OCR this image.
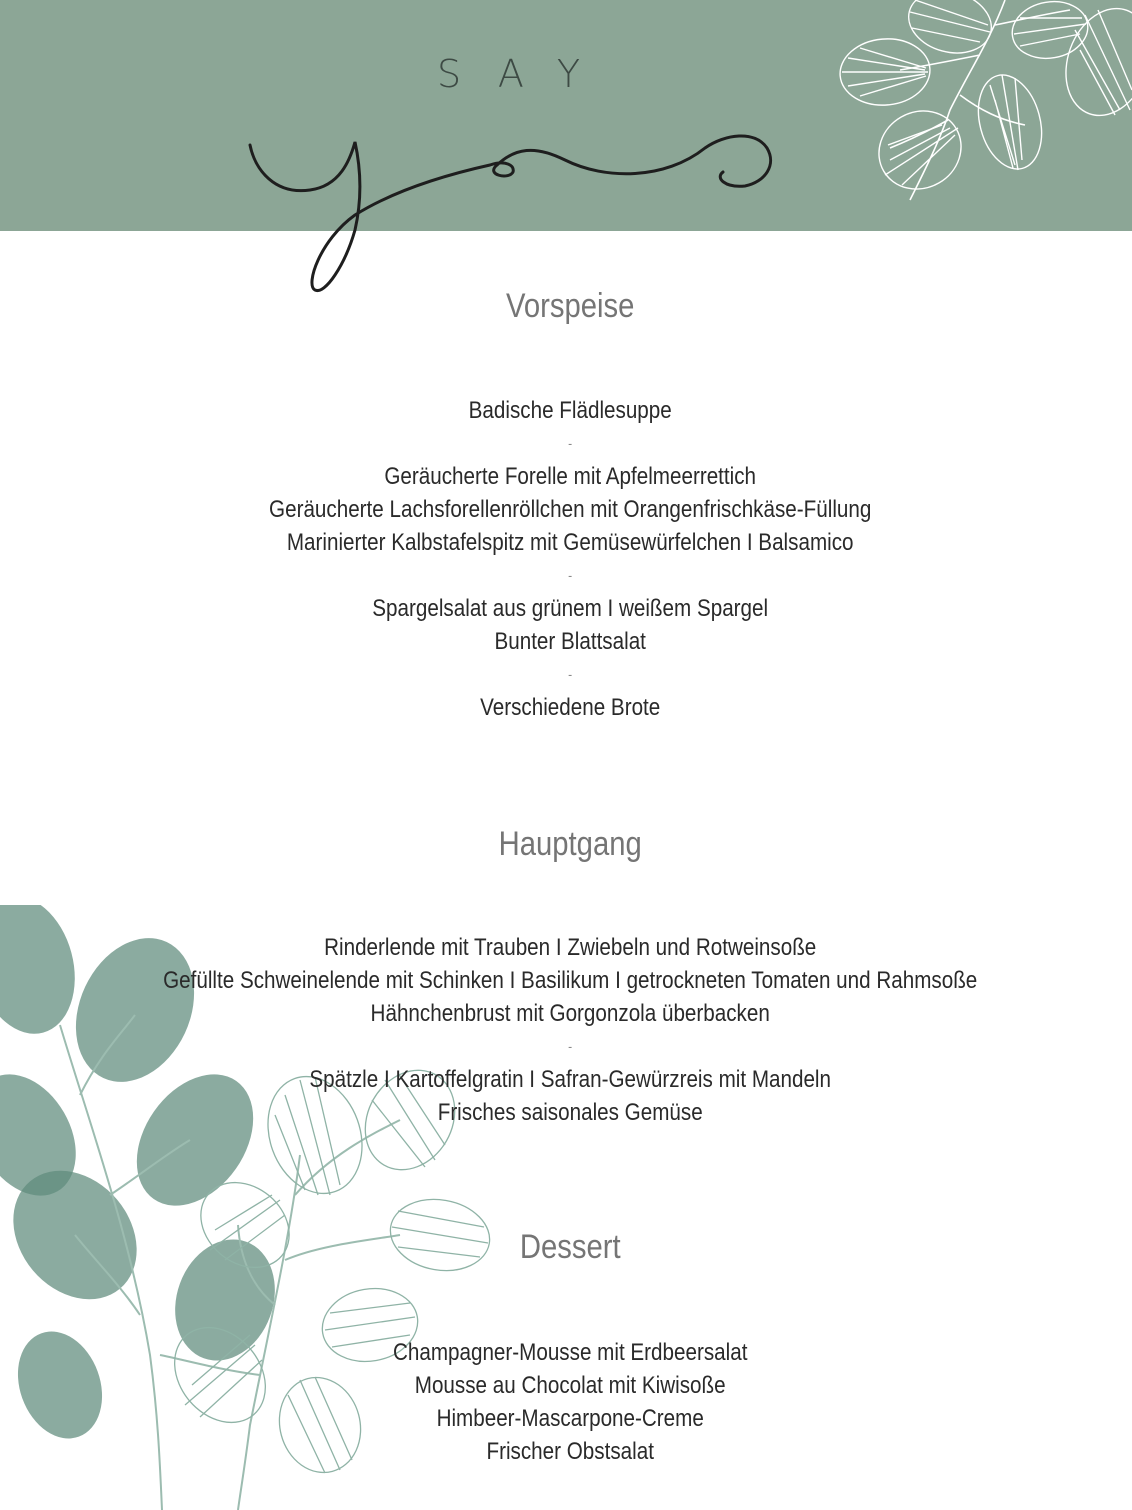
SAY
Vorspeise
Badische Flädlesuppe
-
Geräucherte Forelle mit Apfelmeerrettich
Geräucherte Lachsforellenröllchen mit Orangenfrischkäse-Füllung
Marinierter Kalbstafelspitz mit Gemüsewürfelchen I Balsamico
-
Spargelsalat aus grünem I weißem Spargel
Bunter Blattsalat
-
Verschiedene Brote
Hauptgang
Rinderlende mit Trauben I Zwiebeln und Rotweinsoße
Gefüllte Schweinelende mit Schinken I Basilikum I getrockneten Tomaten und Rahmsoße
Hähnchenbrust mit Gorgonzola überbacken
-
Spätzle I Kartoffelgratin I Safran-Gewürzreis mit Mandeln
Frisches saisonales Gemüse
Dessert
Champagner-Mousse mit Erdbeersalat
Mousse au Chocolat mit Kiwisoße
Himbeer-Mascarpone-Creme
Frischer Obstsalat
